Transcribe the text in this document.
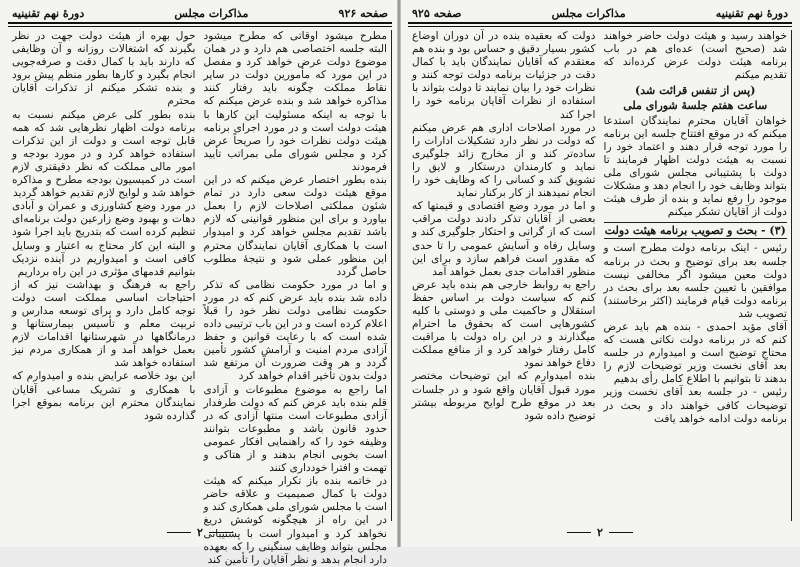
صفحه ۹۲۶
مذاکرات مجلس
دورهٔ نهم تقنینیه

حول بهره از هیئت دولت جهت در نظر بگیرند که اشتغالات روزانه و آن وظایفی که دارند باید با کمال دقت و صرفه‌جویی انجام بگیرد و کارها بطور منظم پیش برود و بنده تشکر میکنم از تذکرات آقایان محترم

بنده بطور کلی عرض میکنم نسبت به برنامه دولت اظهار نظرهایی شد که همه قابل توجه است و دولت از این تذکرات استفاده خواهد کرد و در مورد بودجه و امور مالی مملکت که نظر دقیقتری لازم است در کمیسیون بودجه مطرح و مذاکره خواهد شد و لوایح لازم تقدیم خواهد گردید

در مورد وضع کشاورزی و عمران و آبادی دهات و بهبود وضع زارعین دولت برنامه‌ای تنظیم کرده است که بتدریج باید اجرا شود و البته این کار محتاج به اعتبار و وسایل کافی است و امیدواریم در آینده نزدیک بتوانیم قدمهای مؤثری در این راه برداریم

راجع به فرهنگ و بهداشت نیز که از احتیاجات اساسی مملکت است دولت توجه کامل دارد و برای توسعه مدارس و تربیت معلم و تأسیس بیمارستانها و درمانگاهها در شهرستانها اقدامات لازم بعمل خواهد آمد و از همکاری مردم نیز استفاده خواهد شد

این بود خلاصه عرایض بنده و امیدوارم که با همکاری و تشریک مساعی آقایان نمایندگان محترم این برنامه بموقع اجرا گذارده شود

مطرح میشود اوقاتی که مطرح میشود البته جلسه اختصاصی هم دارد و در همان موضوع دولت عرض خواهد کرد و مفصل در این مورد که مأمورین دولت در سایر نقاط مملکت چگونه باید رفتار کنند مذاکره خواهد شد و بنده عرض میکنم که با توجه به اینکه مسئولیت این کارها با هیئت دولت است و در مورد اجرای برنامه هیئت دولت نظرات خود را صریحاً عرض کرد و مجلس شورای ملی بمراتب تأیید فرمودند

بنده بطور اختصار عرض میکنم که در این موقع هیئت دولت سعی دارد در تمام شئون مملکتی اصلاحات لازم را بعمل بیاورد و برای این منظور قوانینی که لازم باشد تقدیم مجلس خواهد کرد و امیدوار است با همکاری آقایان نمایندگان محترم این منظور عملی شود و نتیجهٔ مطلوب حاصل گردد

و اما در مورد حکومت نظامی که تذکر داده شد بنده باید عرض کنم که در مورد حکومت نظامی دولت نظر خود را قبلاً اعلام کرده است و در این باب ترتیبی داده شده است که با رعایت قوانین و حفظ آزادی مردم امنیت و آرامش کشور تأمین گردد و هر وقت ضرورت آن مرتفع شد دولت بدون تأخیر اقدام خواهد کرد

اما راجع به موضوع مطبوعات و آزادی قلم بنده باید عرض کنم که دولت طرفدار آزادی مطبوعات است منتها آزادی که در حدود قانون باشد و مطبوعات بتوانند وظیفه خود را که راهنمایی افکار عمومی است بخوبی انجام بدهند و از هتاکی و تهمت و افترا خودداری کنند

در خاتمه بنده باز تکرار میکنم که هیئت دولت با کمال صمیمیت و علاقه حاضر است با مجلس شورای ملی همکاری کند و در این راه از هیچگونه کوشش دریغ نخواهد کرد و امیدوار است با پشتیبانی مجلس بتواند وظایف سنگینی را که بعهده دارد انجام بدهد و نظر آقایان را تأمین کند

۲
دورهٔ نهم تقنینیه
مذاکرات مجلس
صفحه ۹۲۵

دولت که بعقیده بنده در آن دوران اوضاع کشور بسیار دقیق و حساس بود و بنده هم معتقدم که آقایان نمایندگان باید با کمال دقت در جزئیات برنامه دولت توجه کنند و نظرات خود را بیان نمایند تا دولت بتواند با استفاده از نظرات آقایان برنامه خود را اجرا کند

در مورد اصلاحات اداری هم عرض میکنم که دولت در نظر دارد تشکیلات ادارات را ساده‌تر کند و از مخارج زائد جلوگیری نماید و کارمندان درستکار و لایق را تشویق کند و کسانی را که وظایف خود را انجام نمیدهند از کار برکنار نماید

و اما در مورد وضع اقتصادی و قیمتها که بعضی از آقایان تذکر دادند دولت مراقب است که از گرانی و احتکار جلوگیری کند و وسایل رفاه و آسایش عمومی را تا حدی که مقدور است فراهم سازد و برای این منظور اقدامات جدی بعمل خواهد آمد

راجع به روابط خارجی هم بنده باید عرض کنم که سیاست دولت بر اساس حفظ استقلال و حاکمیت ملی و دوستی با کلیه کشورهایی است که بحقوق ما احترام میگذارند و در این راه دولت با مراقبت کامل رفتار خواهد کرد و از منافع مملکت دفاع خواهد نمود

بنده امیدوارم که این توضیحات مختصر مورد قبول آقایان واقع شود و در جلسات بعد در موقع طرح لوایح مربوطه بیشتر توضیح داده شود

خواهند رسید و هیئت دولت حاضر خواهند شد (صحیح است) عده‌ای هم در باب برنامه هیئت دولت عرض کرده‌اند که تقدیم میکنم

(پس از تنفس قرائت شد)
ساعت هفتم جلسهٔ شورای ملی

خواهان آقایان محترم نمایندگان استدعا میکنم که در موقع افتتاح جلسه این برنامه را مورد توجه قرار دهند و اعتماد خود را نسبت به هیئت دولت اظهار فرمایند تا دولت با پشتیبانی مجلس شورای ملی بتواند وظایف خود را انجام دهد و مشکلات موجود را رفع نماید و بنده از طرف هیئت دولت از آقایان تشکر میکنم

(۳) - بحث و تصویب برنامه هیئت دولت

رئیس - اینک برنامه دولت مطرح است و جلسه بعد برای توضیح و بحث در برنامه دولت معین میشود اگر مخالفی نیست موافقین با تعیین جلسه بعد برای بحث در برنامه دولت قیام فرمایند (اکثر برخاستند) تصویب شد

آقای مؤید احمدی - بنده هم باید عرض کنم که در برنامه دولت نکاتی هست که محتاج توضیح است و امیدوارم در جلسه بعد آقای نخست وزیر توضیحات لازم را بدهند تا بتوانیم با اطلاع کامل رأی بدهیم

رئیس - در جلسه بعد آقای نخست وزیر توضیحات کافی خواهند داد و بحث در برنامه دولت ادامه خواهد یافت

۲
